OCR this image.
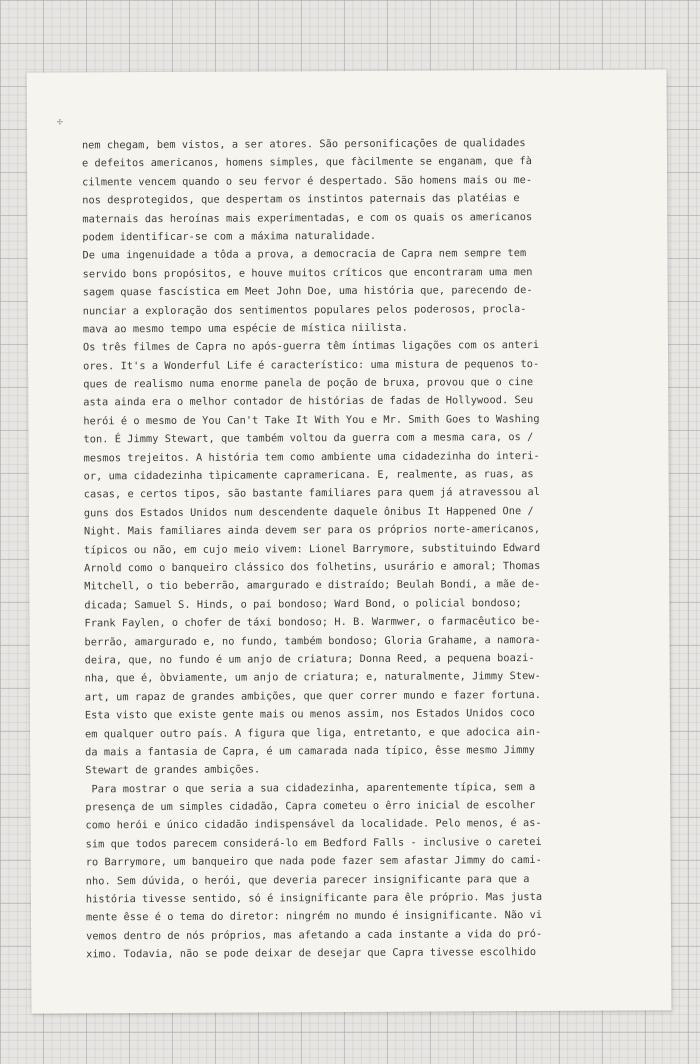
✢
nem chegam, bem vistos, a ser atores. São personificações de qualidades
e defeitos americanos, homens simples, que fàcilmente se enganam, que fà
cilmente vencem quando o seu fervor é despertado. São homens mais ou me-
nos desprotegidos, que despertam os instintos paternais das platéias e
maternais das heroínas mais experimentadas, e com os quais os americanos
podem identificar-se com a máxima naturalidade.
De uma ingenuidade a tôda a prova, a democracia de Capra nem sempre tem
servido bons propósitos, e houve muitos críticos que encontraram uma men
sagem quase fascística em Meet John Doe, uma história que, parecendo de-
nunciar a exploração dos sentimentos populares pelos poderosos, procla-
mava ao mesmo tempo uma espécie de mística niilista.
Os três filmes de Capra no após-guerra têm íntimas ligações com os anteri
ores. It's a Wonderful Life é característico: uma mistura de pequenos to-
ques de realismo numa enorme panela de poção de bruxa, provou que o cine
asta ainda era o melhor contador de histórias de fadas de Hollywood. Seu
herói é o mesmo de You Can't Take It With You e Mr. Smith Goes to Washing
ton. É Jimmy Stewart, que também voltou da guerra com a mesma cara, os /
mesmos trejeitos. A história tem como ambiente uma cidadezinha do interi-
or, uma cidadezinha tìpicamente capramericana. E, realmente, as ruas, as
casas, e certos tipos, são bastante familiares para quem já atravessou al
guns dos Estados Unidos num descendente daquele ônibus It Happened One /
Night. Mais familiares ainda devem ser para os próprios norte-americanos,
típicos ou não, em cujo meio vivem: Lionel Barrymore, substituindo Edward
Arnold como o banqueiro clássico dos folhetins, usurário e amoral; Thomas
Mitchell, o tio beberrão, amargurado e distraído; Beulah Bondi, a mãe de-
dicada; Samuel S. Hinds, o pai bondoso; Ward Bond, o policial bondoso;
Frank Faylen, o chofer de táxi bondoso; H. B. Warmwer, o farmacêutico be-
berrão, amargurado e, no fundo, também bondoso; Gloria Grahame, a namora-
deira, que, no fundo é um anjo de criatura; Donna Reed, a pequena boazi-
nha, que é, òbviamente, um anjo de criatura; e, naturalmente, Jimmy Stew-
art, um rapaz de grandes ambições, que quer correr mundo e fazer fortuna.
Esta visto que existe gente mais ou menos assim, nos Estados Unidos coco
em qualquer outro país. A figura que liga, entretanto, e que adocica ain-
da mais a fantasia de Capra, é um camarada nada típico, êsse mesmo Jimmy
Stewart de grandes ambições.
Para mostrar o que seria a sua cidadezinha, aparentemente típica, sem a
presença de um simples cidadão, Capra cometeu o êrro inicial de escolher
como herói e único cidadão indispensável da localidade. Pelo menos, é as-
sim que todos parecem considerá-lo em Bedford Falls - inclusive o caretei
ro Barrymore, um banqueiro que nada pode fazer sem afastar Jimmy do cami-
nho. Sem dúvida, o herói, que deveria parecer insignificante para que a
história tivesse sentido, só é insignificante para êle próprio. Mas justa
mente êsse é o tema do diretor: ningrém no mundo é insignificante. Não vi
vemos dentro de nós próprios, mas afetando a cada instante a vida do pró-
ximo. Todavia, não se pode deixar de desejar que Capra tivesse escolhido
